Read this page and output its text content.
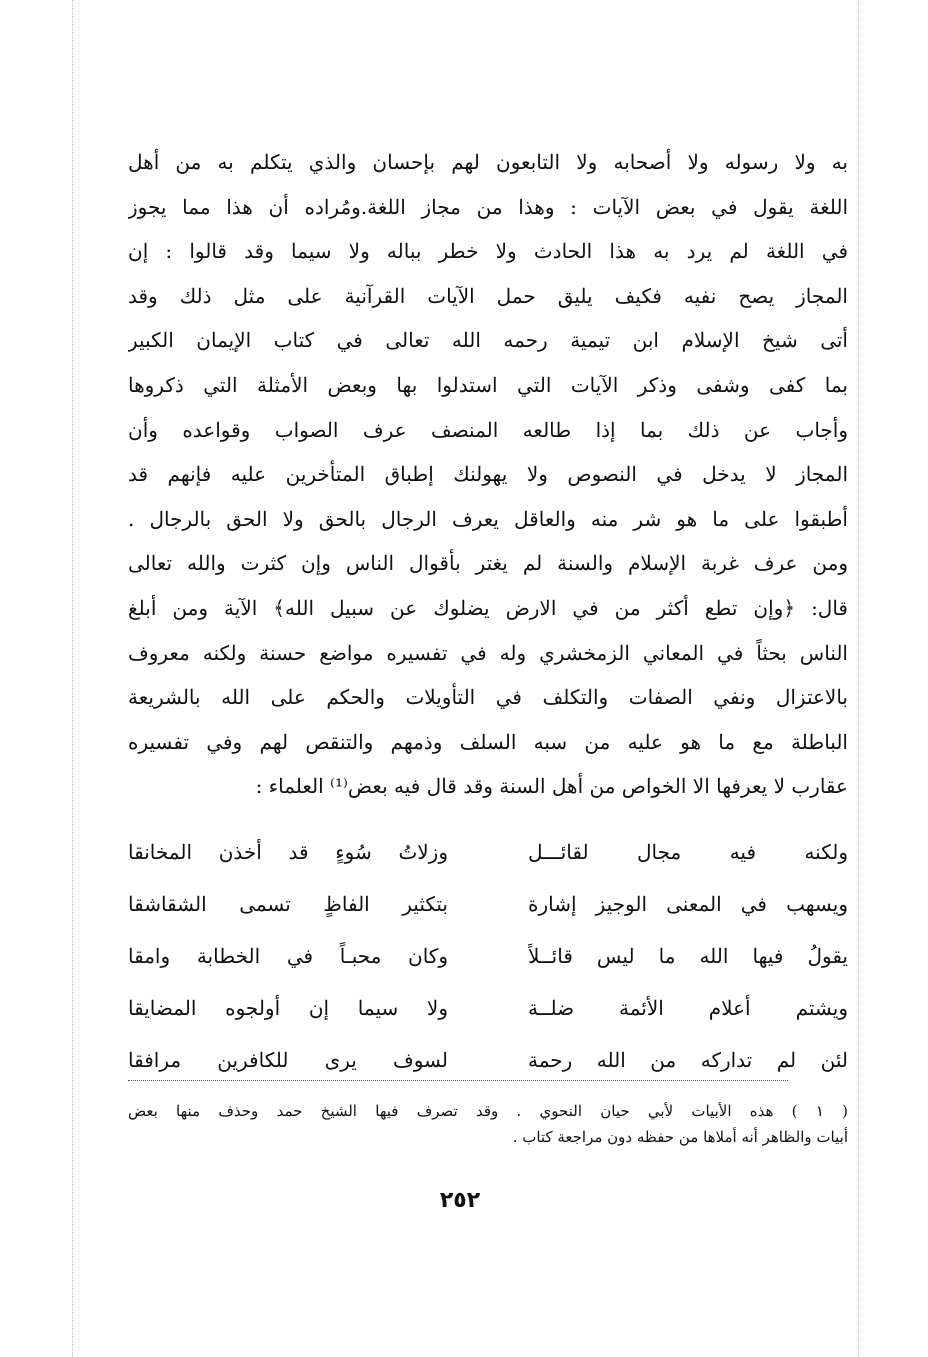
به ولا رسوله ولا أصحابه ولا التابعون لهم بإحسان والذي يتكلم به من أهل
اللغة يقول في بعض الآيات : وهذا من مجاز اللغة.ومُراده أن هذا مما يجوز
في اللغة لم يرد به هذا الحادث ولا خطر بباله ولا سيما وقد قالوا : إن
المجاز يصح نفيه فكيف يليق حمل الآيات القرآنية على مثل ذلك وقد
أتى شيخ الإسلام ابن تيمية رحمه الله تعالى في كتاب الإيمان الكبير
بما كفى وشفى وذكر الآيات التي استدلوا بها وبعض الأمثلة التي ذكروها
وأجاب عن ذلك بما إذا طالعه المنصف عرف الصواب وقواعده وأن
المجاز لا يدخل في النصوص ولا يهولنك إطباق المتأخرين عليه فإنهم قد
أطبقوا على ما هو شر منه والعاقل يعرف الرجال بالحق ولا الحق بالرجال .
ومن عرف غربة الإسلام والسنة لم يغتر بأقوال الناس وإن كثرت والله تعالى
قال: ﴿وإن تطع أكثر من في الارض يضلوك عن سبيل الله﴾ الآية ومن أبلغ
الناس بحثاً في المعاني الزمخشري وله في تفسيره مواضع حسنة ولكنه معروف
بالاعتزال ونفي الصفات والتكلف في التأويلات والحكم على الله بالشريعة
الباطلة مع ما هو عليه من سبه السلف وذمهم والتنقص لهم وفي تفسيره
عقارب لا يعرفها الا الخواص من أهل السنة وقد قال فيه بعض⁽¹⁾ العلماء :
ولكنه فيه مجال لقائـــل
وزلاتُ سُوءٍ قد أخذن المخانقا
ويسهب في المعنى الوجيز إشارة
بتكثير الفاظٍ تسمى الشقاشقا
يقولُ فيها الله ما ليس قائــلاً
وكان محبـاً في الخطابة وامقا
ويشتم أعلام الأئمة ضلــة
ولا سيما إن أولجوه المضايقا
لئن لم تداركه من الله رحمة
لسوف يرى للكافرين مرافقا
( ١ ) هذه الأبيات لأبي حيان النحوي . وقد تصرف فيها الشيخ حمد وحذف منها بعض
أبيات والظاهر أنه أملاها من حفظه دون مراجعة كتاب .
٢٥٢
